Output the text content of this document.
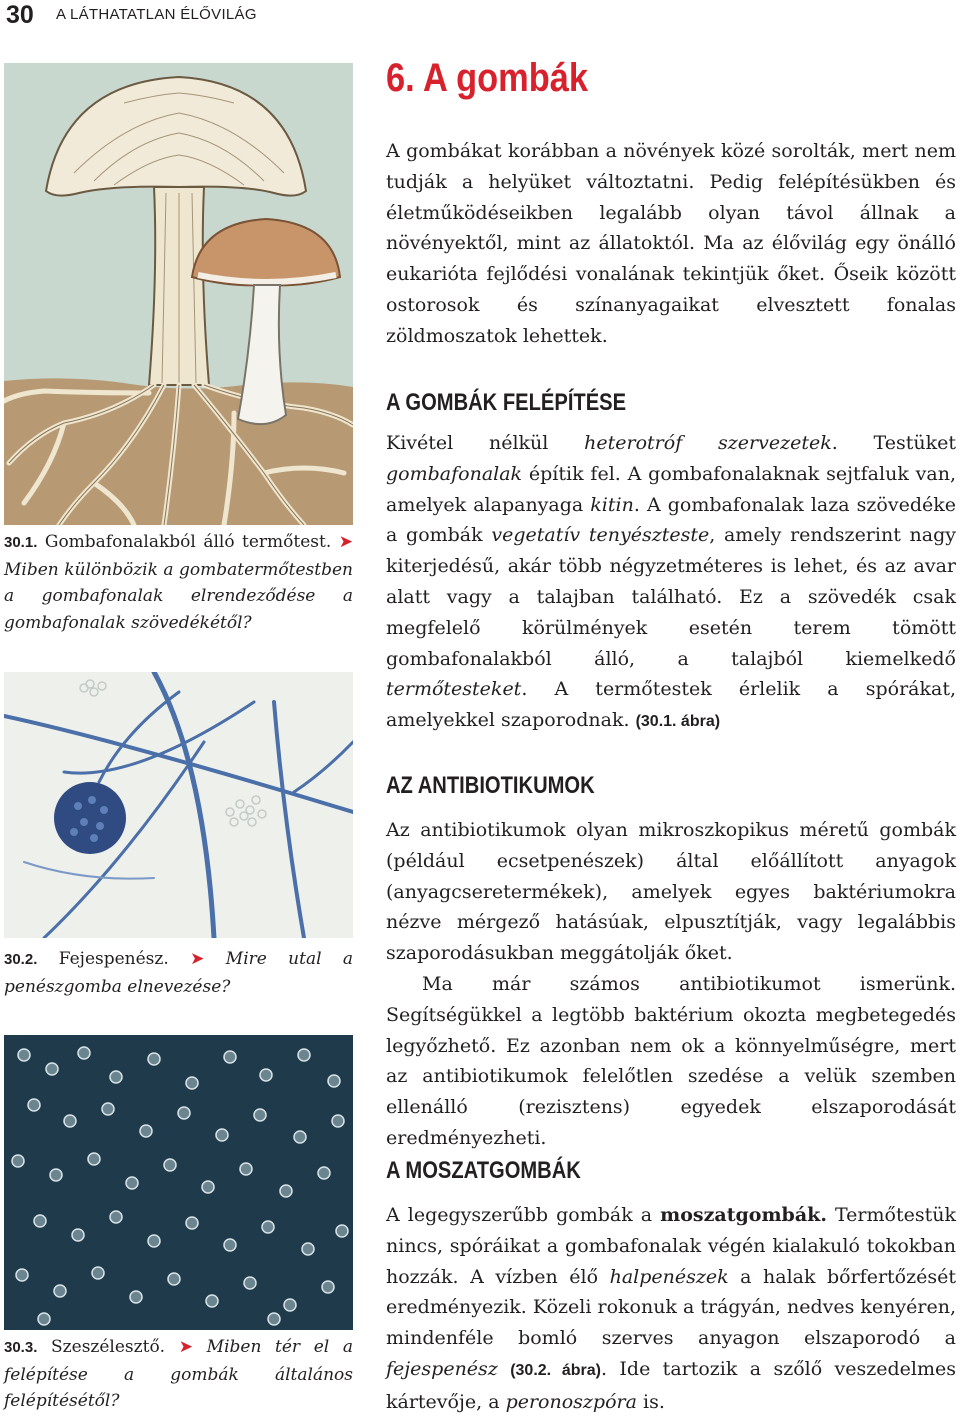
30 A LÁTHATATLAN ÉLŐVILÁG
30.1. Gombafonalakból álló termőtest. ➤ Miben különbözik a gombatermőtestben a gombafonalak elrendeződése a gombafonalak szövedékétől?
30.2. Fejespenész. ➤ Mire utal a penészgomba elnevezése?
30.3. Szeszélesztő. ➤ Miben tér el a felépítése a gombák általános felépítésétől?
6. A gombák

A gombákat korábban a növények közé sorolták, mert nem tudják a helyüket változtatni. Pedig felépítésükben és életműködéseikben legalább olyan távol állnak a növényektől, mint az állatoktól. Ma az élővilág egy önálló eukarióta fejlődési vonalának tekintjük őket. Őseik között ostorosok és színanyagaikat elvesztett fonalas zöldmoszatok lehettek.

A GOMBÁK FELÉPÍTÉSE

Kivétel nélkül heterotróf szervezetek. Testüket gombafonalak építik fel. A gombafonalaknak sejtfaluk van, amelyek alapanyaga kitin. A gombafonalak laza szövedéke a gombák vegetatív tenyészteste, amely rendszerint nagy kiterjedésű, akár több négyzetméteres is lehet, és az avar alatt vagy a talajban található. Ez a szövedék csak megfelelő körülmények esetén terem tömött gombafonalakból álló, a talajból kiemelkedő termőtesteket. A termőtestek érlelik a spórákat, amelyekkel szaporodnak. (30.1. ábra)

AZ ANTIBIOTIKUMOK

Az antibiotikumok olyan mikroszkopikus méretű gombák (például ecsetpenészek) által előállított anyagok (anyagcseretermékek), amelyek egyes baktériumokra nézve mérgező hatásúak, elpusztítják, vagy legalábbis szaporodásukban meggátolják őket.

Ma már számos antibiotikumot ismerünk. Segítségükkel a legtöbb baktérium okozta megbetegedés legyőzhető. Ez azonban nem ok a könnyelműségre, mert az antibiotikumok felelőtlen szedése a velük szemben ellenálló (rezisztens) egyedek elszaporodását eredményezheti.

A MOSZATGOMBÁK

A legegyszerűbb gombák a moszatgombák. Termőtestük nincs, spóráikat a gombafonalak végén kialakuló tokokban hozzák. A vízben élő halpenészek a halak bőrfertőzését eredményezik. Közeli rokonuk a trágyán, nedves kenyéren, mindenféle bomló szerves anyagon elszaporodó a fejespenész (30.2. ábra). Ide tartozik a szőlő veszedelmes kártevője, a peronoszpóra is.
